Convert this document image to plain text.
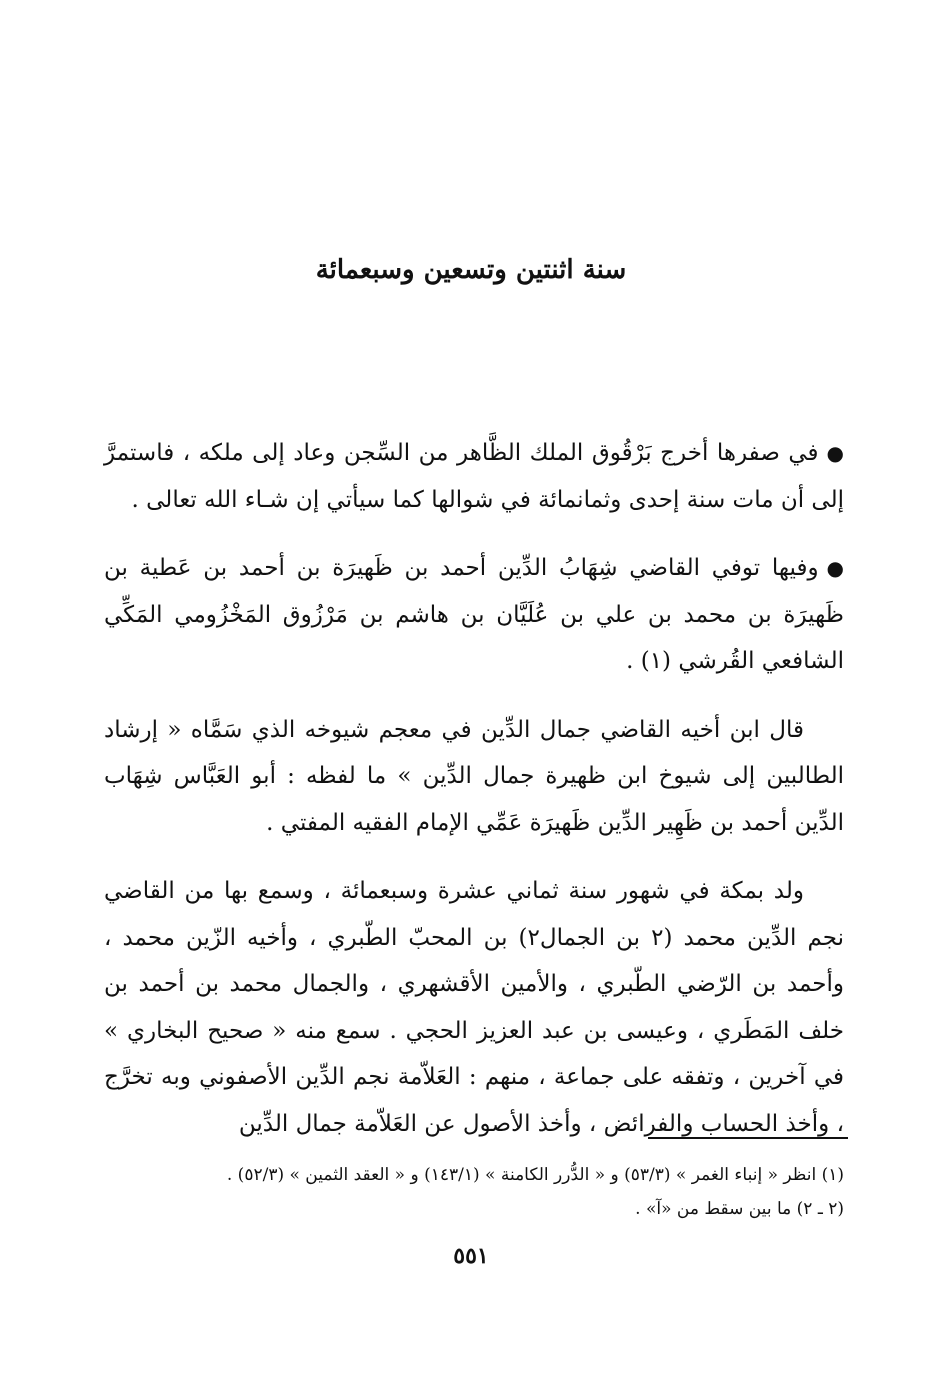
سنة اثنتين وتسعين وسبعمائة

●في صفرها أخرج بَرْقُوق الملك الظَّاهر من السِّجن وعاد إلى ملكه ، فاستمرَّ إلى أن مات سنة إحدى وثمانمائة في شوالها كما سيأتي إن شـاء الله تعالى .

●وفيها توفي القاضي شِهَابُ الدِّين أحمد بن ظَهيرَة بن أحمد بن عَطية بن ظَهيرَة بن محمد بن علي بن عُلَيَّان بن هاشم بن مَرْزُوق المَخْزُومي المَكِّي الشافعي القُرشي (١) .

قال ابن أخيه القاضي جمال الدِّين في معجم شيوخه الذي سَمَّاه « إرشاد الطالبين إلى شيوخ ابن ظهيرة جمال الدِّين » ما لفظه : أبو العَبَّاس شِهَاب الدِّين أحمد بن ظَهِير الدِّين ظَهيرَة عَمِّي الإمام الفقيه المفتي .

ولد بمكة في شهور سنة ثماني عشرة وسبعمائة ، وسمع بها من القاضي نجم الدِّين محمد (٢ بن الجمال٢) بن المحبّ الطّبري ، وأخيه الزّين محمد ، وأحمد بن الرّضي الطّبري ، والأمين الأقشهري ، والجمال محمد بن أحمد بن خلف المَطَري ، وعيسى بن عبد العزيز الحجي . سمع منه « صحيح البخاري » في آخرين ، وتفقه على جماعة ، منهم : العَلاّمة نجم الدِّين الأصفوني وبه تخرَّج ، وأخذ الحساب والفرائض ، وأخذ الأصول عن العَلاّمة جمال الدِّين

(١) انظر « إنباء الغمر » (٥٣/٣) و « الدُّرر الكامنة » (١٤٣/١) و « العقد الثمين » (٥٢/٣) .

(٢ ـ ٢) ما بين سقط من «آ» .

٥٥١
